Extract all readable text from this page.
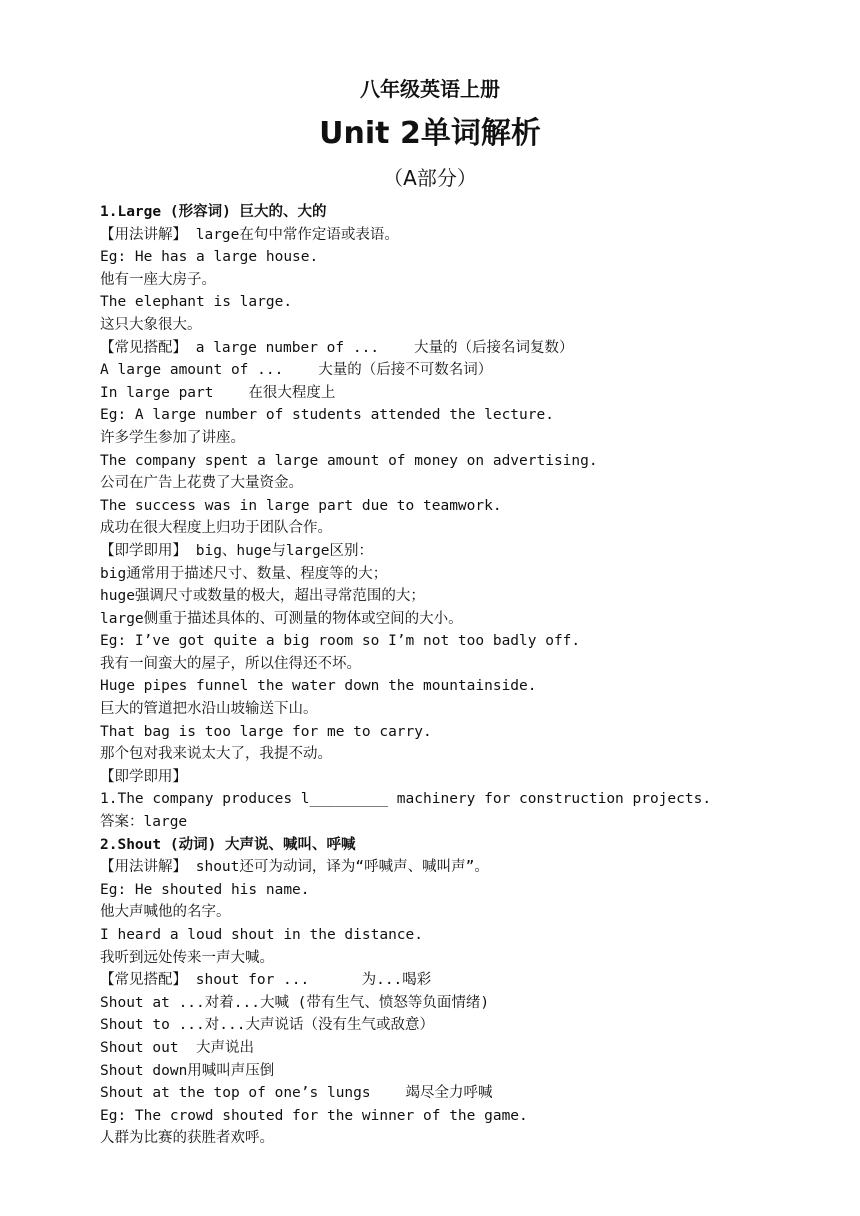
八年级英语上册
Unit 2单词解析
（A部分）
1.Large (形容词) 巨大的、大的
【用法讲解】 large在句中常作定语或表语。
Eg: He has a large house.
他有一座大房子。
The elephant is large.
这只大象很大。
【常见搭配】 a large number of ...    大量的（后接名词复数）
A large amount of ...    大量的（后接不可数名词）
In large part    在很大程度上
Eg: A large number of students attended the lecture.
许多学生参加了讲座。
The company spent a large amount of money on advertising.
公司在广告上花费了大量资金。
The success was in large part due to teamwork.
成功在很大程度上归功于团队合作。
【即学即用】 big、huge与large区别：
big通常用于描述尺寸、数量、程度等的大；
huge强调尺寸或数量的极大，超出寻常范围的大；
large侧重于描述具体的、可测量的物体或空间的大小。
Eg: I’ve got quite a big room so I’m not too badly off.
我有一间蛮大的屋子，所以住得还不坏。
Huge pipes funnel the water down the mountainside.
巨大的管道把水沿山坡输送下山。
That bag is too large for me to carry.
那个包对我来说太大了，我提不动。
【即学即用】
1.The company produces l_________ machinery for construction projects.
答案：large
2.Shout (动词) 大声说、喊叫、呼喊
【用法讲解】 shout还可为动词，译为“呼喊声、喊叫声”。
Eg: He shouted his name.
他大声喊他的名字。
I heard a loud shout in the distance.
我听到远处传来一声大喊。
【常见搭配】 shout for ...      为...喝彩
Shout at ...对着...大喊 (带有生气、愤怒等负面情绪)
Shout to ...对...大声说话（没有生气或敌意）
Shout out  大声说出
Shout down用喊叫声压倒
Shout at the top of one’s lungs    竭尽全力呼喊
Eg: The crowd shouted for the winner of the game.
人群为比赛的获胜者欢呼。
